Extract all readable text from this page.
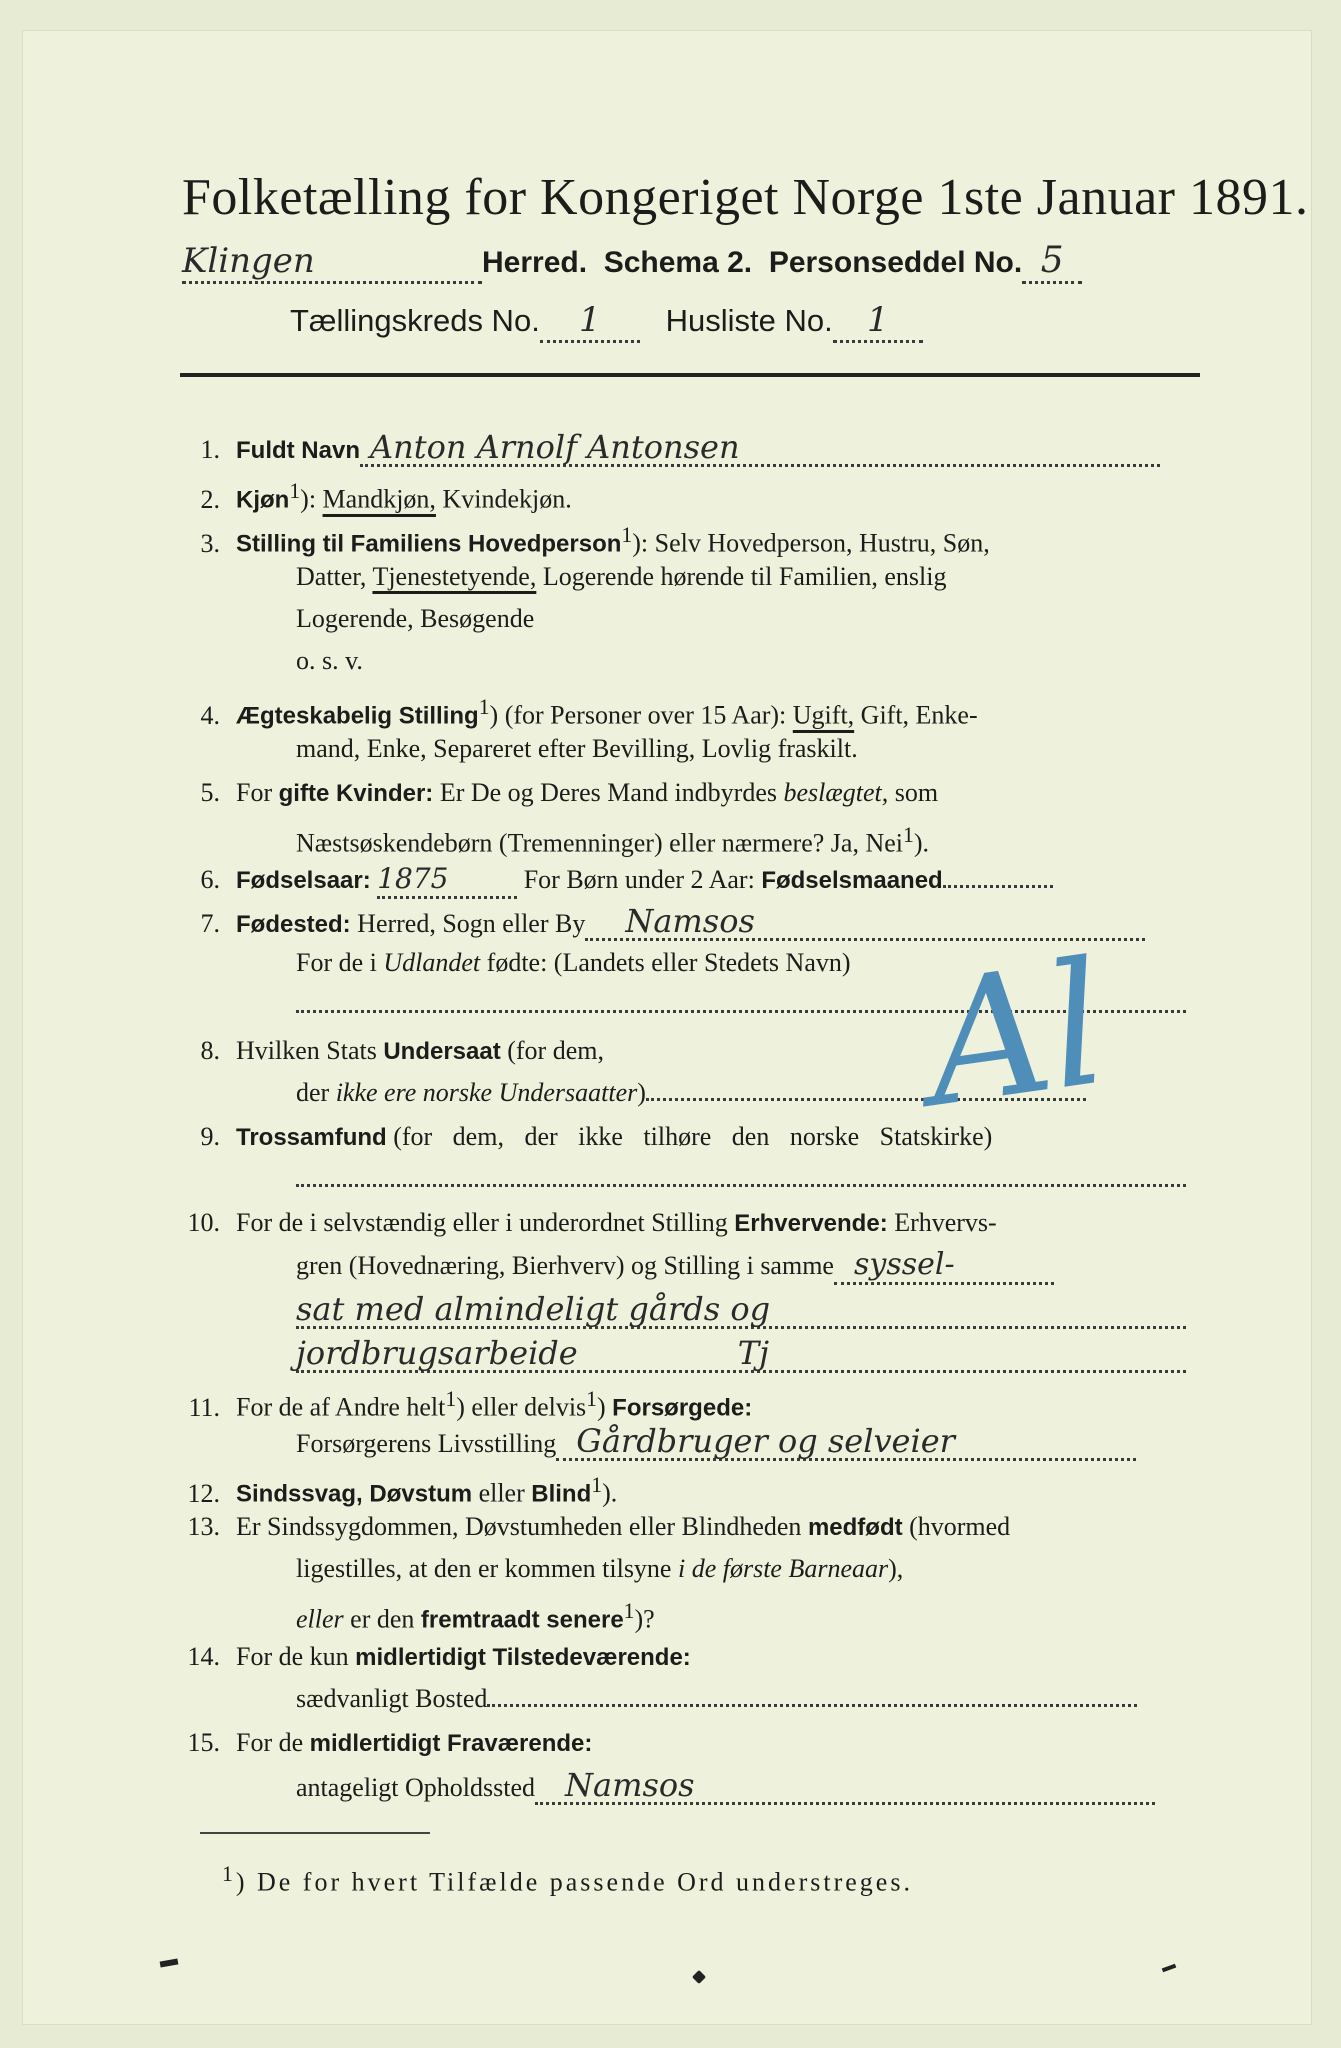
Folketælling for Kongeriget Norge 1ste Januar 1891.
Klingen	Herred. Schema 2. Personseddel No. 5
Tællingskreds No. 1 Husliste No. 1
1. Fuldt Navn Anton Arnolf Antonsen
2. Kjøn$^1$): Mandkjøn, Kvindekjøn.
3. Stilling til Familiens Hovedperson$^1$): Selv Hovedperson, Hustru, Søn,
Datter, Tjenestetyende, Logerende hørende til Familien, enslig
Logerende, Besøgende
o. s. v.
4. Ægteskabelig Stilling$^1$) (for Personer over 15 Aar): Ugift, Gift, Enke-
mand, Enke, Separeret efter Bevilling, Lovlig fraskilt.
5. For gifte Kvinder: Er De og Deres Mand indbyrdes beslægtet, som
Næstsøskendebørn (Tremenninger) eller nærmere? Ja, Nei$^1$).
6. Fødselsaar: 1875	For Børn under 2 Aar: Fødselsmaaned
7. Fødested: Herred, Sogn eller By Namsos
For de i Udlandet fødte: (Landets eller Stedets Navn)
8. Hvilken Stats Undersaat (for dem,
der ikke ere norske Undersaatter)
9. Trossamfund (for dem, der ikke tilhøre den norske Statskirke)
Al
10. For de i selvstændig eller i underordnet Stilling Erhvervende: Erhvervs-
gren (Hovednæring, Bierhverv) og Stilling i samme syssel-
sat med almindeligt gårds og
jordbrugsarbeide	Tj
11. For de af Andre helt$^1$) eller delvis$^1$) Forsørgede:
Forsørgerens Livsstilling Gårdbruger og selveier
12. Sindssvag, Døvstum eller Blind$^1$).
13. Er Sindssygdommen, Døvstumheden eller Blindheden medfødt (hvormed
ligestilles, at den er kommen tilsyne i de første Barneaar),
eller er den fremtraadt senere$^1$)?
14. For de kun midlertidigt Tilstedeværende:
sædvanligt Bosted
15. For de midlertidigt Fraværende:
antageligt Opholdssted Namsos
$^1$) De for hvert Tilfælde passende Ord understreges.
